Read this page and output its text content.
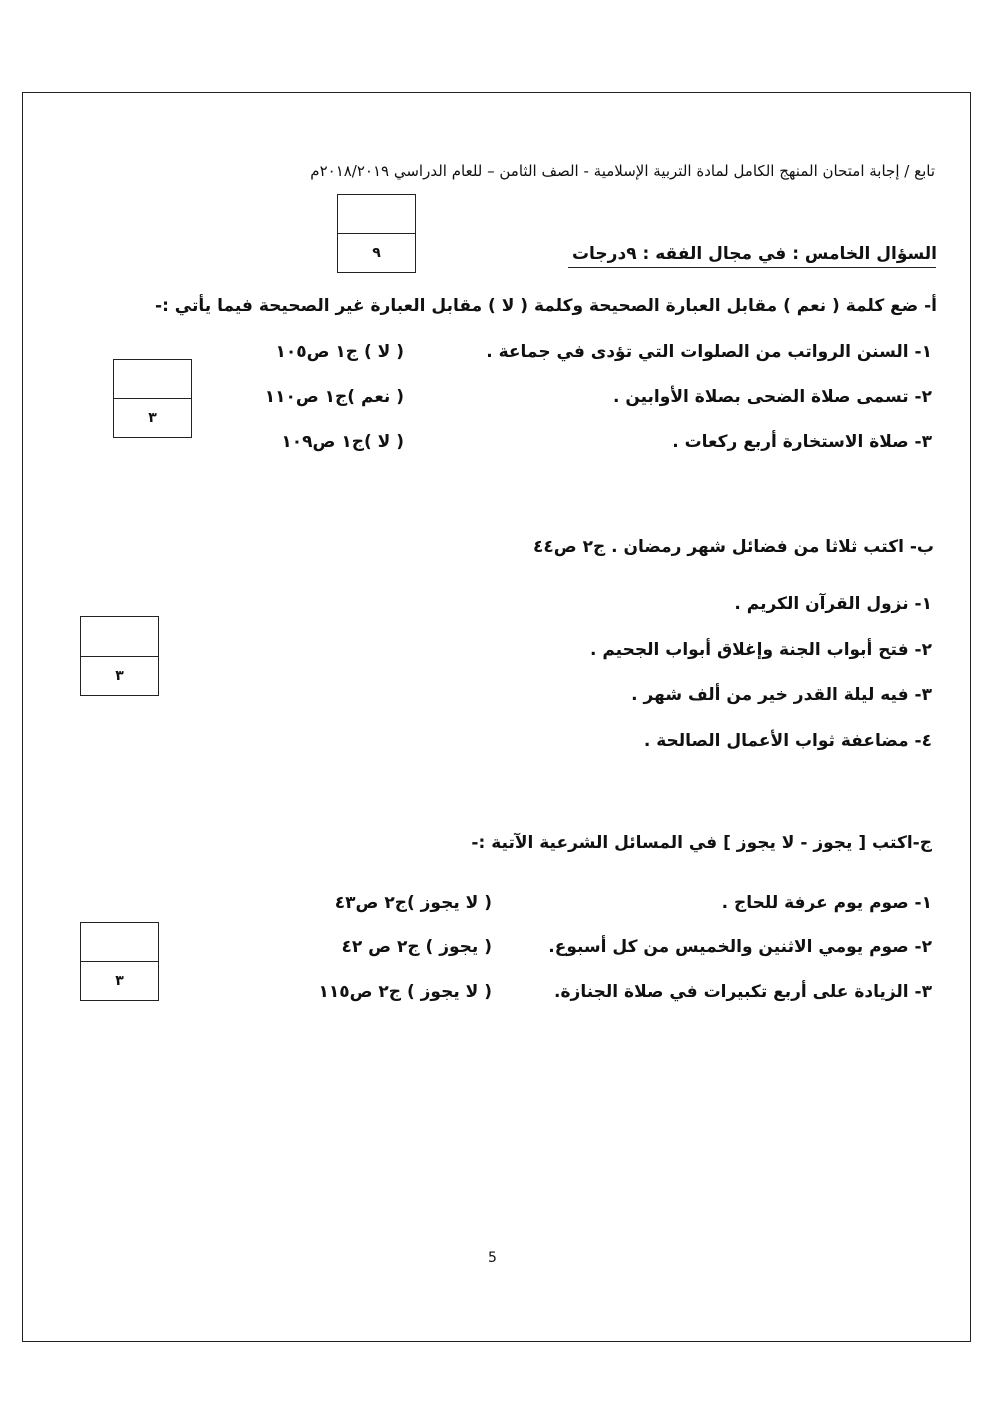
تابع / إجابة امتحان المنهج الكامل لمادة التربية الإسلامية - الصف الثامن – للعام الدراسي ٢٠١٨/٢٠١٩م
٩	السؤال الخامس : في مجال الفقه : ٩درجات
أ- ضع كلمة ( نعم ) مقابل العبارة الصحيحة وكلمة ( لا ) مقابل العبارة غير الصحيحة فيما يأتي :-
١- السنن الرواتب من الصلوات التي تؤدى في جماعة .
( لا ) ج١ ص١٠٥
٢- تسمى صلاة الضحى بصلاة الأوابين .
( نعم )ج١ ص١١٠
٣- صلاة الاستخارة أربع ركعات .
( لا )ج١ ص١٠٩
٣
ب- اكتب ثلاثا من فضائل شهر رمضان . ج٢ ص٤٤
١- نزول القرآن الكريم .
٢- فتح أبواب الجنة وإغلاق أبواب الجحيم .
٣- فيه ليلة القدر خير من ألف شهر .
٤- مضاعفة ثواب الأعمال الصالحة .
٣
ج-اكتب [ يجوز - لا يجوز ] في المسائل الشرعية الآتية :-
١- صوم يوم عرفة للحاج .
( لا يجوز )ج٢ ص٤٣
٢- صوم يومي الاثنين والخميس من كل أسبوع.
( يجوز ) ج٢ ص ٤٢
٣- الزيادة على أربع تكبيرات في صلاة الجنازة.
( لا يجوز ) ج٢ ص١١٥
٣
5
